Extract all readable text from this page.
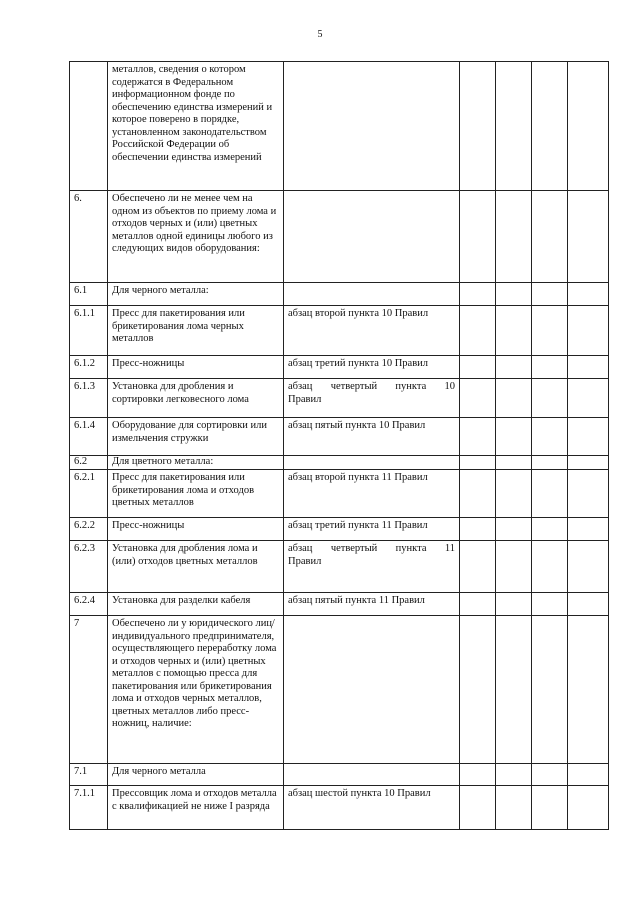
5
	металлов, сведения о котором содержатся в Федеральном информационном фонде по обеспечению единства измерений и которое поверено в порядке, установленном законодательством Российской Федерации об обеспечении единства измерений					
6.	Обеспечено ли не менее чем на одном из объектов по приему лома и отходов черных и (или) цветных металлов одной единицы любого из следующих видов оборудования:					
6.1	Для черного металла:					
6.1.1	Пресс для пакетирования или брикетирования лома черных металлов	абзац второй пункта 10 Правил				
6.1.2	Пресс-ножницы	абзац третий пункта 10 Правил				
6.1.3	Установка для дробления и сортировки легковесного лома	абзац четвертый пункта 10
Правил				

6.1.4	Оборудование для сортировки или измельчения стружки	абзац пятый пункта 10 Правил				
6.2	Для цветного металла:					
6.2.1	Пресс для пакетирования или брикетирования лома и отходов цветных металлов	абзац второй пункта 11 Правил				
6.2.2	Пресс-ножницы	абзац третий пункта 11 Правил				
6.2.3	Установка для дробления лома и (или) отходов цветных металлов	абзац четвертый пункта 11
Правил				

6.2.4	Установка для разделки кабеля	абзац пятый пункта 11 Правил				
7	Обеспечено ли у юридического лиц/индивидуального предпринимателя, осуществляющего переработку лома и отходов черных и (или) цветных металлов с помощью пресса для пакетирования или брикетирования лома и отходов черных металлов, цветных металлов либо пресс-ножниц, наличие:					
7.1	Для черного металла					
7.1.1	Прессовщик лома и отходов металла с квалификацией не ниже I разряда	абзац шестой пункта 10 Правил				
